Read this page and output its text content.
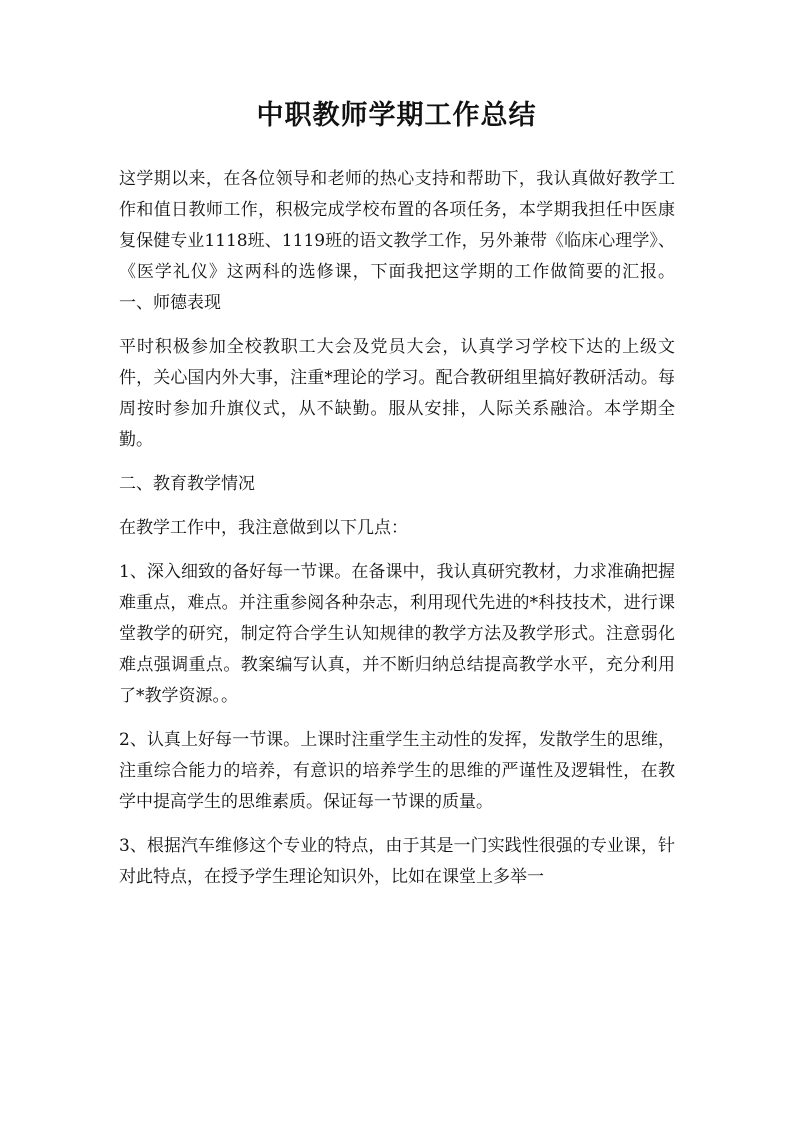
中职教师学期工作总结

这学期以来，在各位领导和老师的热心支持和帮助下，我认真做好教学工作和值日教师工作，积极完成学校布置的各项任务，本学期我担任中医康复保健专业1118班、1119班的语文教学工作，另外兼带《临床心理学》、《医学礼仪》这两科的选修课，下面我把这学期的工作做简要的汇报。 一、师德表现

平时积极参加全校教职工大会及党员大会，认真学习学校下达的上级文件，关心国内外大事，注重*理论的学习。配合教研组里搞好教研活动。每周按时参加升旗仪式，从不缺勤。服从安排，人际关系融洽。本学期全勤。

二、教育教学情况

在教学工作中，我注意做到以下几点：

1、深入细致的备好每一节课。在备课中，我认真研究教材，力求准确把握难重点，难点。并注重参阅各种杂志，利用现代先进的*科技技术，进行课堂教学的研究，制定符合学生认知规律的教学方法及教学形式。注意弱化难点强调重点。教案编写认真，并不断归纳总结提高教学水平，充分利用了*教学资源。。

2、认真上好每一节课。上课时注重学生主动性的发挥，发散学生的思维，注重综合能力的培养，有意识的培养学生的思维的严谨性及逻辑性，在教学中提高学生的思维素质。保证每一节课的质量。

3、根据汽车维修这个专业的特点，由于其是一门实践性很强的专业课，针对此特点，在授予学生理论知识外，比如在课堂上多举一
